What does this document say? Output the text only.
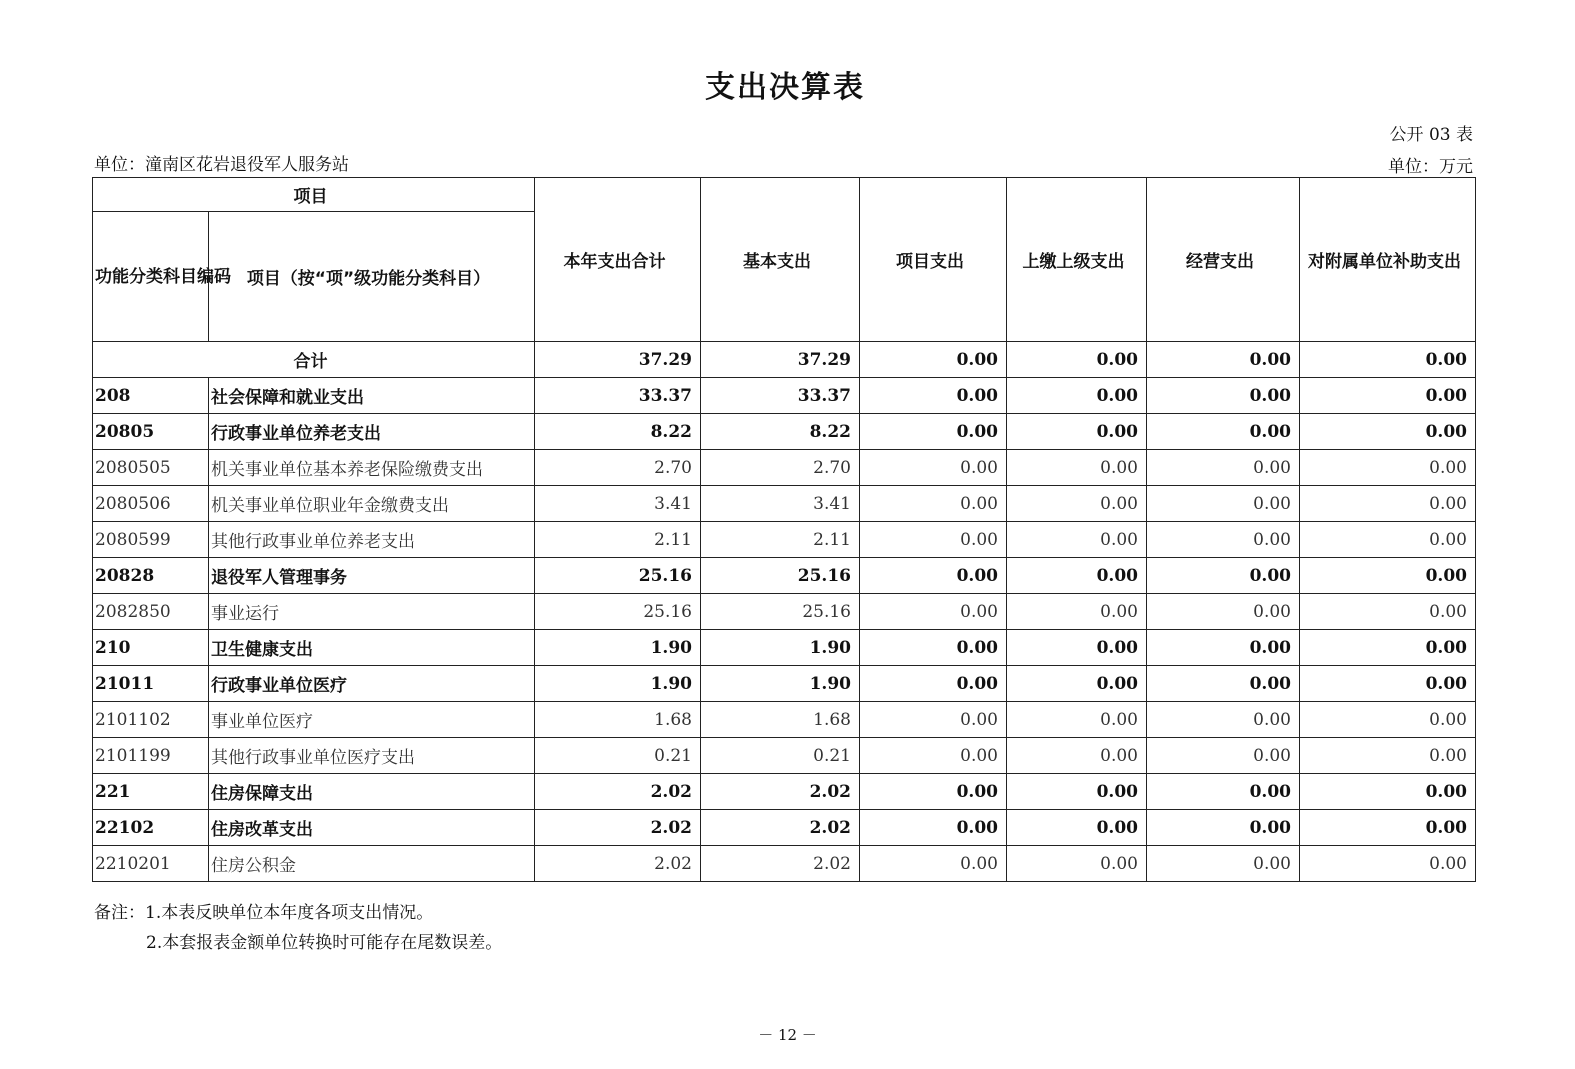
支出决算表
公开 03 表
单位：潼南区花岩退役军人服务站	单位：万元
项目		本年支出合计	基本支出	项目支出	上缴上级支出	经营支出	对附属单位补助支出
功能分类科目编码	项目（按“项”级功能分类科目）						
合计		37.29	37.29	0.00	0.00	0.00	0.00
208	社会保障和就业支出	33.37	33.37	0.00	0.00	0.00	0.00
20805	行政事业单位养老支出	8.22	8.22	0.00	0.00	0.00	0.00
2080505	机关事业单位基本养老保险缴费支出	2.70	2.70	0.00	0.00	0.00	0.00
2080506	机关事业单位职业年金缴费支出	3.41	3.41	0.00	0.00	0.00	0.00
2080599	其他行政事业单位养老支出	2.11	2.11	0.00	0.00	0.00	0.00
20828	退役军人管理事务	25.16	25.16	0.00	0.00	0.00	0.00
2082850	事业运行	25.16	25.16	0.00	0.00	0.00	0.00
210	卫生健康支出	1.90	1.90	0.00	0.00	0.00	0.00
21011	行政事业单位医疗	1.90	1.90	0.00	0.00	0.00	0.00
2101102	事业单位医疗	1.68	1.68	0.00	0.00	0.00	0.00
2101199	其他行政事业单位医疗支出	0.21	0.21	0.00	0.00	0.00	0.00
221	住房保障支出	2.02	2.02	0.00	0.00	0.00	0.00
22102	住房改革支出	2.02	2.02	0.00	0.00	0.00	0.00
2210201	住房公积金	2.02	2.02	0.00	0.00	0.00	0.00
备注：1.本表反映单位本年度各项支出情况。
2.本套报表金额单位转换时可能存在尾数误差。
－ 12 －
